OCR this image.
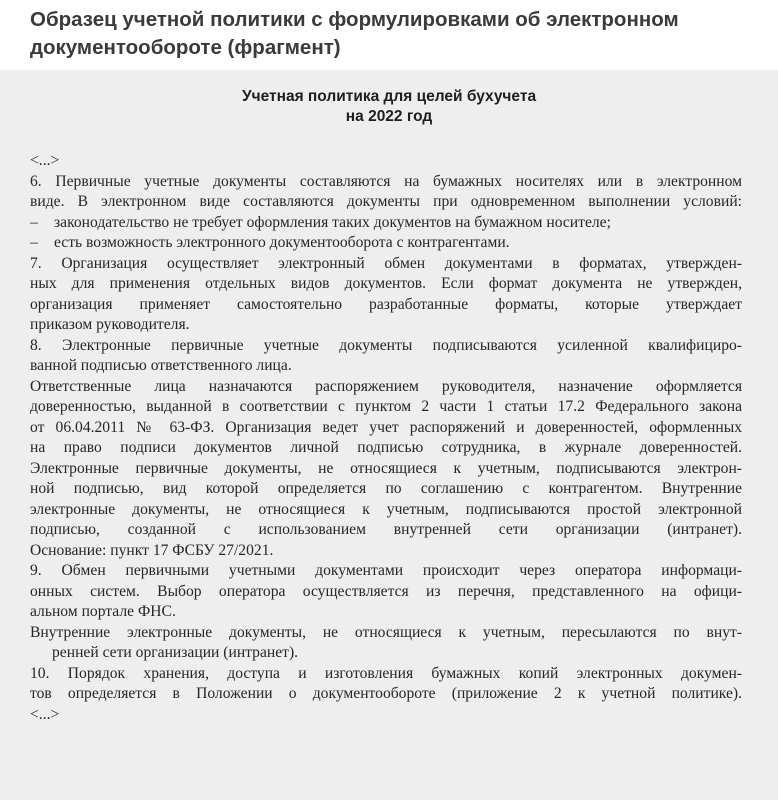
Образец учетной политики с формулировками об электронном
документообороте (фрагмент)
Учетная политика для целей бухучета
на 2022 год
<...>
6. Первичные учетные документы составляются на бумажных носителях или в электронном
виде. В электронном виде составляются документы при одновременном выполнении условий:
– законодательство не требует оформления таких документов на бумажном носителе;
– есть возможность электронного документооборота с контрагентами.
7. Организация осуществляет электронный обмен документами в форматах, утвержден-
ных для применения отдельных видов документов. Если формат документа не утвержден,
организация применяет самостоятельно разработанные форматы, которые утверждает
приказом руководителя.
8. Электронные первичные учетные документы подписываются усиленной квалифициро-
ванной подписью ответственного лица.
Ответственные лица назначаются распоряжением руководителя, назначение оформляется
доверенностью, выданной в соответствии с пунктом 2 части 1 статьи 17.2 Федерального закона
от 06.04.2011 № 63-ФЗ. Организация ведет учет распоряжений и доверенностей, оформленных
на право подписи документов личной подписью сотрудника, в журнале доверенностей.
Электронные первичные документы, не относящиеся к учетным, подписываются электрон-
ной подписью, вид которой определяется по соглашению с контрагентом. Внутренние
электронные документы, не относящиеся к учетным, подписываются простой электронной
подписью, созданной с использованием внутренней сети организации (интранет).
Основание: пункт 17 ФСБУ 27/2021.
9. Обмен первичными учетными документами происходит через оператора информаци-
онных систем. Выбор оператора осуществляется из перечня, представленного на офици-
альном портале ФНС.
Внутренние электронные документы, не относящиеся к учетным, пересылаются по внут-
ренней сети организации (интранет).
10. Порядок хранения, доступа и изготовления бумажных копий электронных докумен-
тов определяется в Положении о документообороте (приложение 2 к учетной политике).
<...>
